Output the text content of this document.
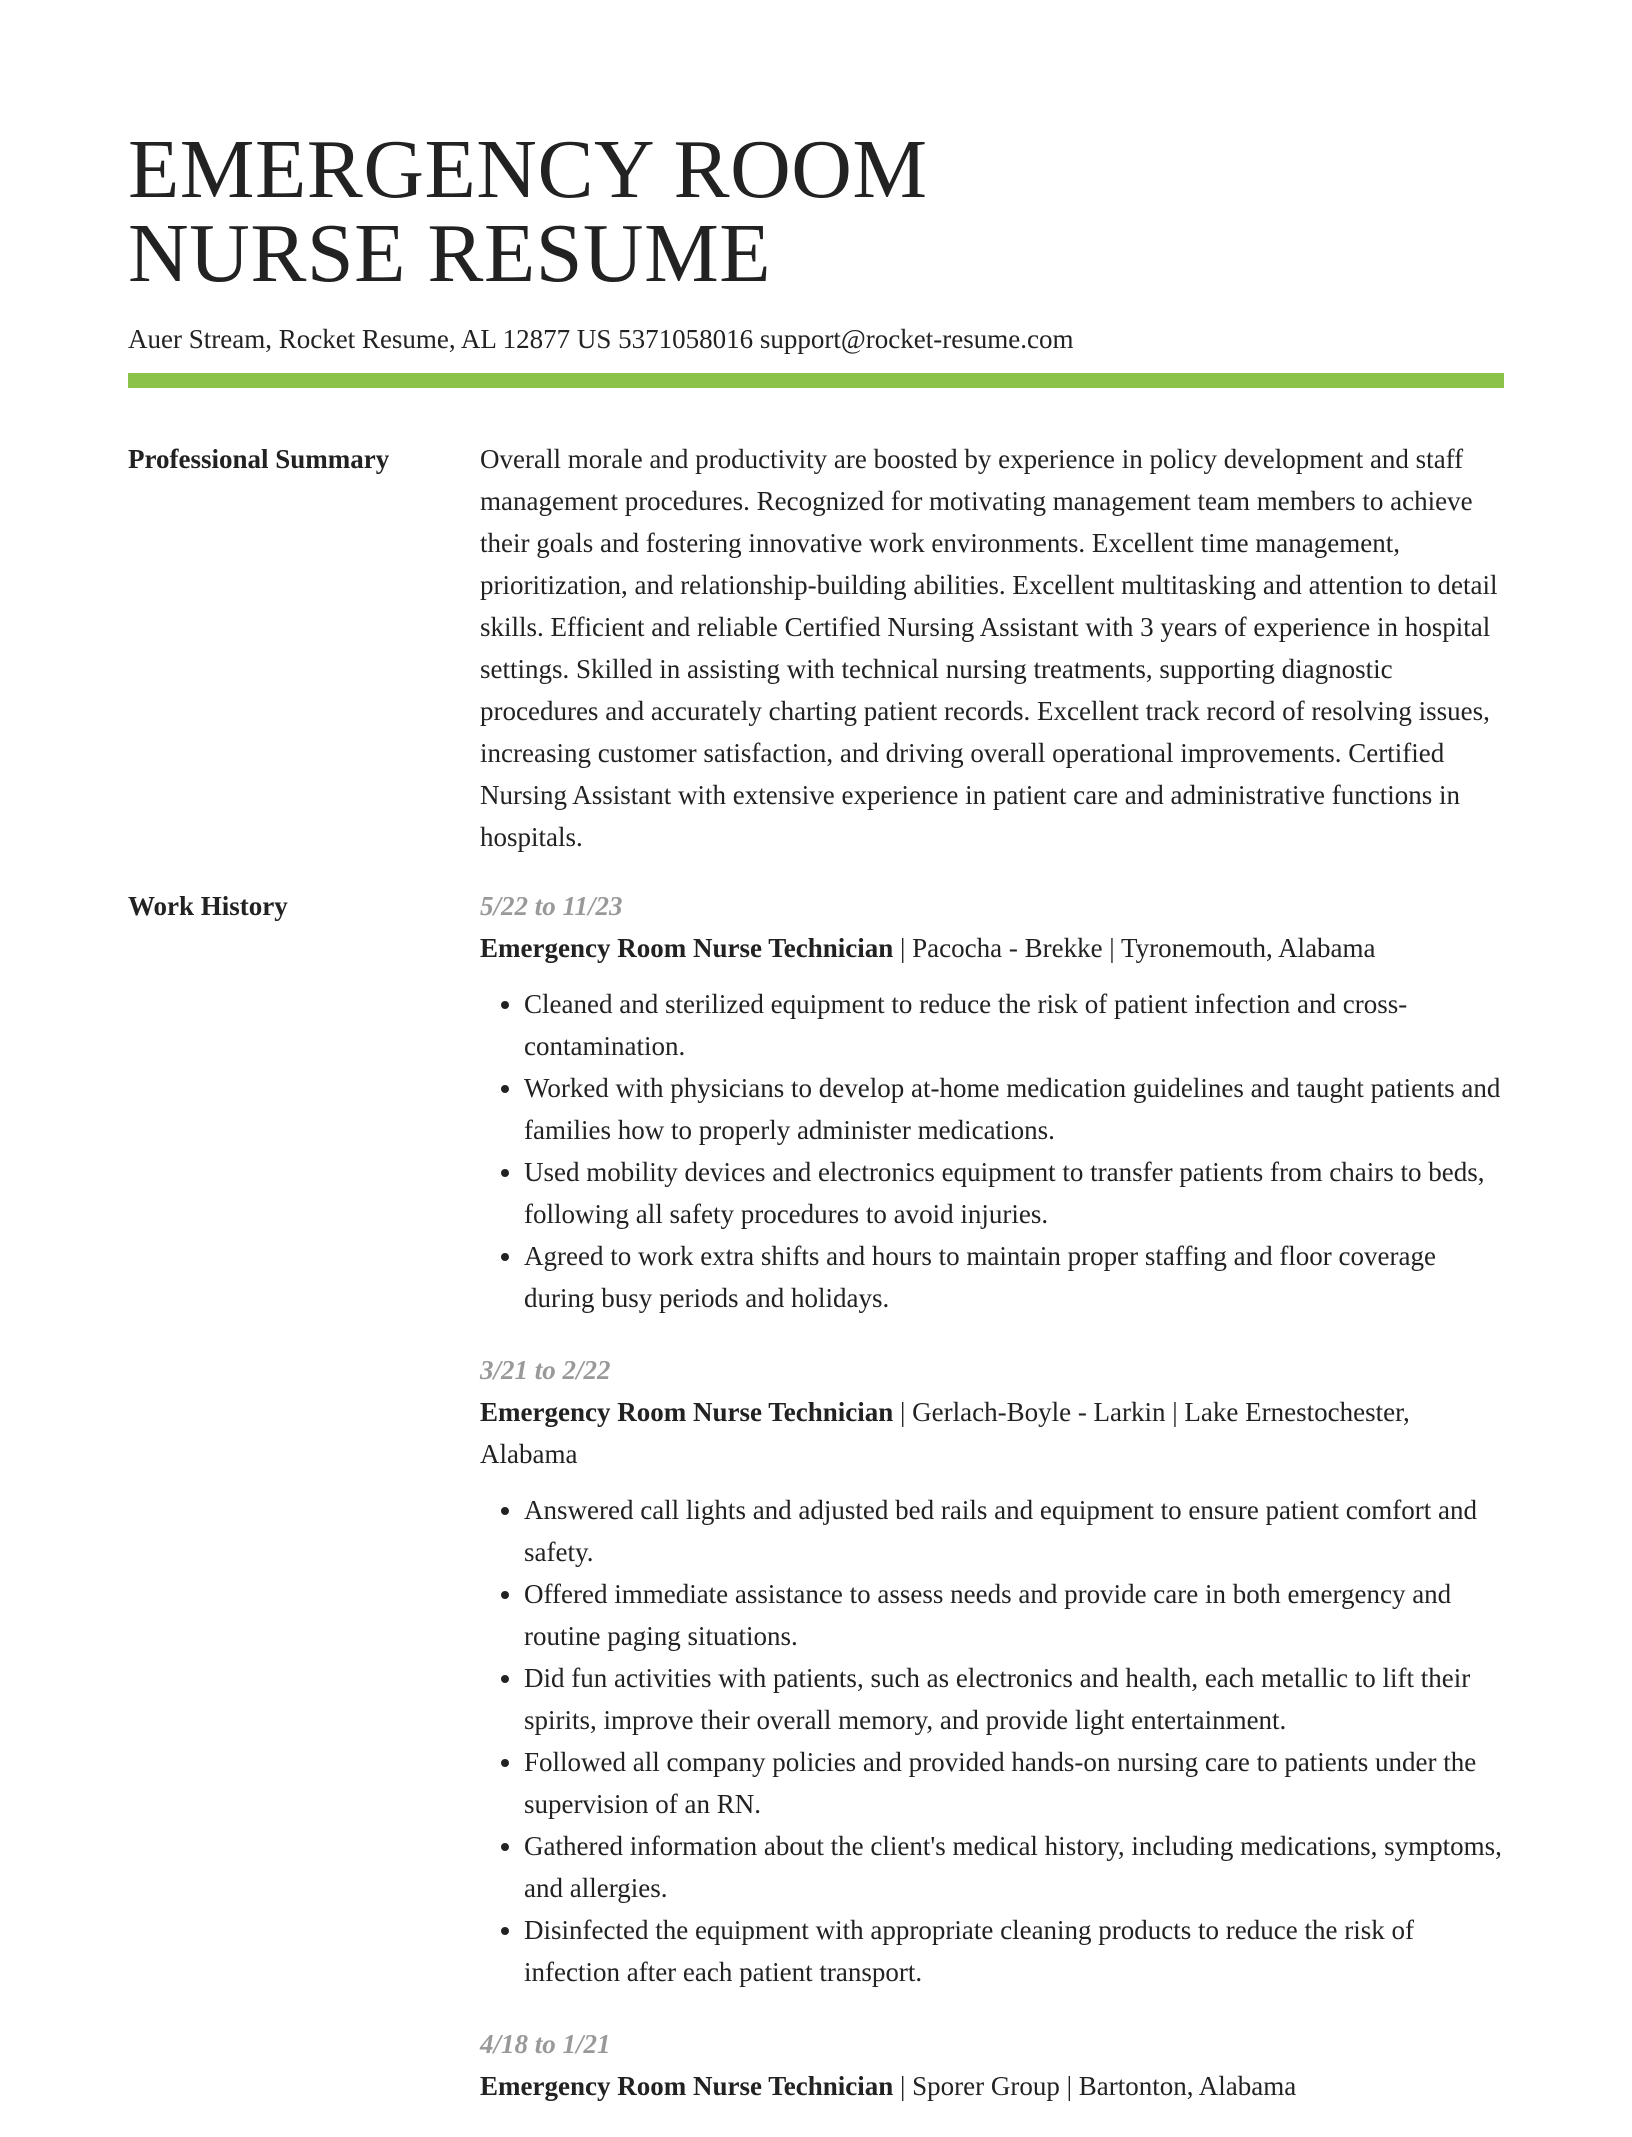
EMERGENCY ROOM
NURSE RESUME
Auer Stream, Rocket Resume, AL 12877 US 5371058016 support@rocket-resume.com
Professional Summary	Overall morale and productivity are boosted by experience in policy development and staff management procedures. Recognized for motivating management team members to achieve their goals and fostering innovative work environments. Excellent time management, prioritization, and relationship-building abilities. Excellent multitasking and attention to detail skills. Efficient and reliable Certified Nursing Assistant with 3 years of experience in hospital settings. Skilled in assisting with technical nursing treatments, supporting diagnostic procedures and accurately charting patient records. Excellent track record of resolving issues, increasing customer satisfaction, and driving overall operational improvements. Certified Nursing Assistant with extensive experience in patient care and administrative functions in hospitals.

Work History	5/22 to 11/23

Emergency Room Nurse Technician | Pacocha - Brekke | Tyronemouth, Alabama

• Cleaned and sterilized equipment to reduce the risk of patient infection and cross-contamination.
• Worked with physicians to develop at-home medication guidelines and taught patients and families how to properly administer medications.
• Used mobility devices and electronics equipment to transfer patients from chairs to beds, following all safety procedures to avoid injuries.
• Agreed to work extra shifts and hours to maintain proper staffing and floor coverage during busy periods and holidays.
3/21 to 2/22

Emergency Room Nurse Technician | Gerlach-Boyle - Larkin | Lake Ernestochester, Alabama

• Answered call lights and adjusted bed rails and equipment to ensure patient comfort and safety.
• Offered immediate assistance to assess needs and provide care in both emergency and routine paging situations.
• Did fun activities with patients, such as electronics and health, each metallic to lift their spirits, improve their overall memory, and provide light entertainment.
• Followed all company policies and provided hands-on nursing care to patients under the supervision of an RN.
• Gathered information about the client's medical history, including medications, symptoms, and allergies.
• Disinfected the equipment with appropriate cleaning products to reduce the risk of infection after each patient transport.
4/18 to 1/21

Emergency Room Nurse Technician | Sporer Group | Bartonton, Alabama
